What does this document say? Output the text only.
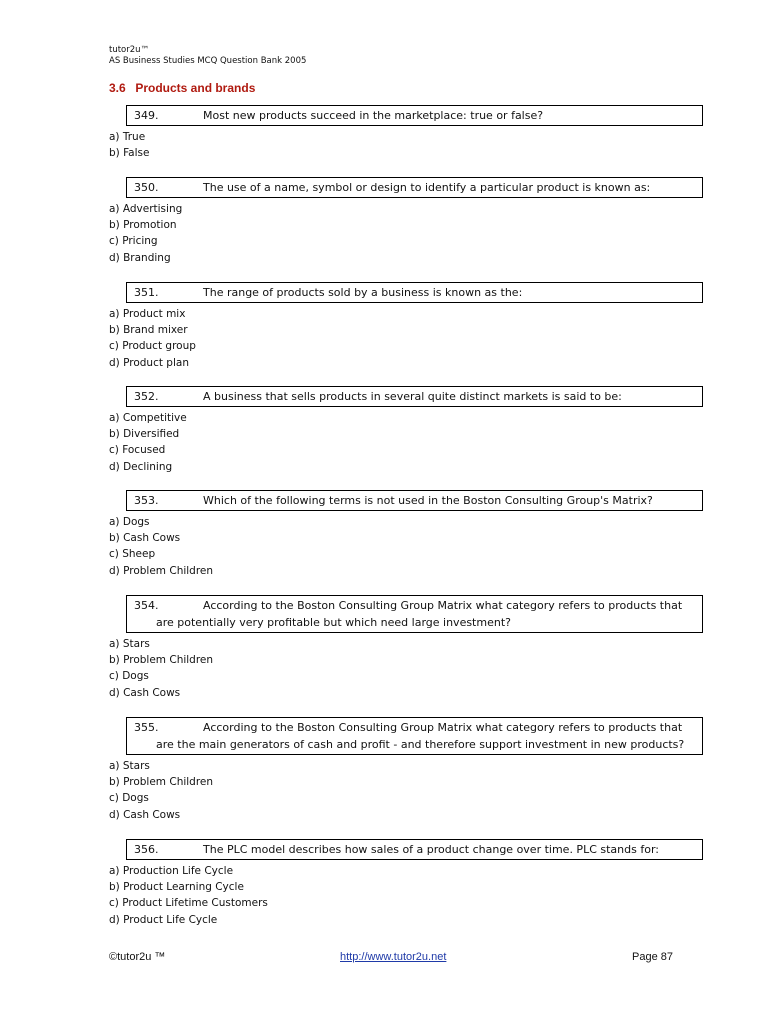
tutor2u™
AS Business Studies MCQ Question Bank 2005
3.6 Products and brands
349.	Most new products succeed in the marketplace: true or false?
a) True
b) False
350.	The use of a name, symbol or design to identify a particular product is known as:
a) Advertising
b) Promotion
c) Pricing
d) Branding
351.	The range of products sold by a business is known as the:
a) Product mix
b) Brand mixer
c) Product group
d) Product plan
352.	A business that sells products in several quite distinct markets is said to be:
a) Competitive
b) Diversified
c) Focused
d) Declining
353.	Which of the following terms is not used in the Boston Consulting Group's Matrix?
a) Dogs
b) Cash Cows
c) Sheep
d) Problem Children
354.	According to the Boston Consulting Group Matrix what category refers to products that
are potentially very profitable but which need large investment?
a) Stars
b) Problem Children
c) Dogs
d) Cash Cows
355.	According to the Boston Consulting Group Matrix what category refers to products that
are the main generators of cash and profit - and therefore support investment in new products?
a) Stars
b) Problem Children
c) Dogs
d) Cash Cows
356.	The PLC model describes how sales of a product change over time. PLC stands for:
a) Production Life Cycle
b) Product Learning Cycle
c) Product Lifetime Customers
d) Product Life Cycle
©tutor2u ™	http://www.tutor2u.net	Page 87
